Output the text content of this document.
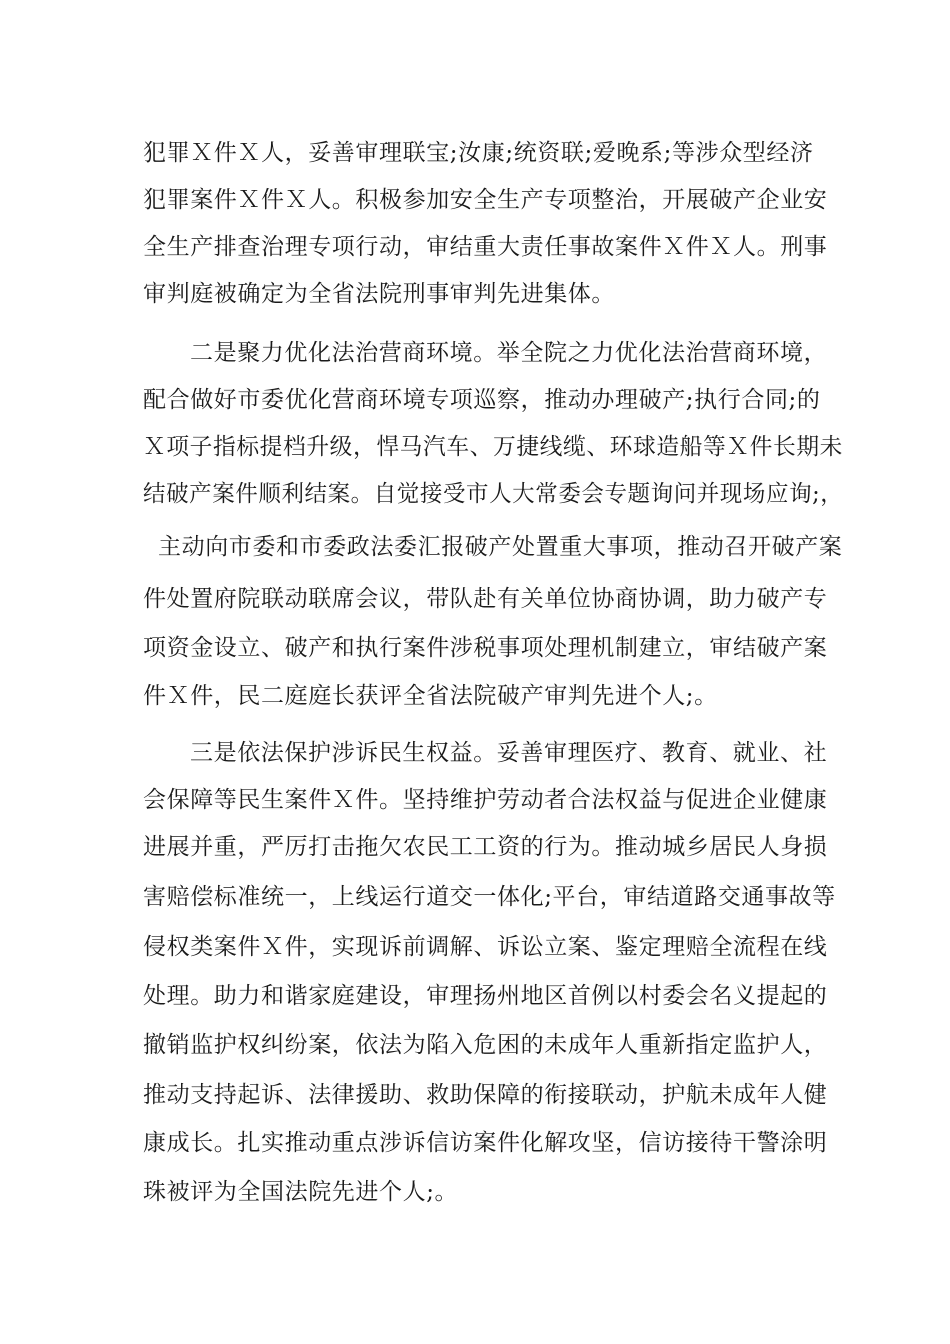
犯罪Ｘ件Ｘ人，妥善审理联宝;汝康;统资联;爱晚系;等涉众型经济
犯罪案件Ｘ件Ｘ人。积极参加安全生产专项整治，开展破产企业安
全生产排查治理专项行动，审结重大责任事故案件Ｘ件Ｘ人。刑事
审判庭被确定为全省法院刑事审判先进集体。
二是聚力优化法治营商环境。举全院之力优化法治营商环境，
配合做好市委优化营商环境专项巡察，推动办理破产;执行合同;的
Ｘ项子指标提档升级，悍马汽车、万捷线缆、环球造船等Ｘ件长期未
结破产案件顺利结案。自觉接受市人大常委会专题询问并现场应询;，
主动向市委和市委政法委汇报破产处置重大事项，推动召开破产案
件处置府院联动联席会议，带队赴有关单位协商协调，助力破产专
项资金设立、破产和执行案件涉税事项处理机制建立，审结破产案
件Ｘ件，民二庭庭长获评全省法院破产审判先进个人;。
三是依法保护涉诉民生权益。妥善审理医疗、教育、就业、社
会保障等民生案件Ｘ件。坚持维护劳动者合法权益与促进企业健康
进展并重，严厉打击拖欠农民工工资的行为。推动城乡居民人身损
害赔偿标准统一，上线运行道交一体化;平台，审结道路交通事故等
侵权类案件Ｘ件，实现诉前调解、诉讼立案、鉴定理赔全流程在线
处理。助力和谐家庭建设，审理扬州地区首例以村委会名义提起的
撤销监护权纠纷案，依法为陷入危困的未成年人重新指定监护人，
推动支持起诉、法律援助、救助保障的衔接联动，护航未成年人健
康成长。扎实推动重点涉诉信访案件化解攻坚，信访接待干警涂明
珠被评为全国法院先进个人;。
